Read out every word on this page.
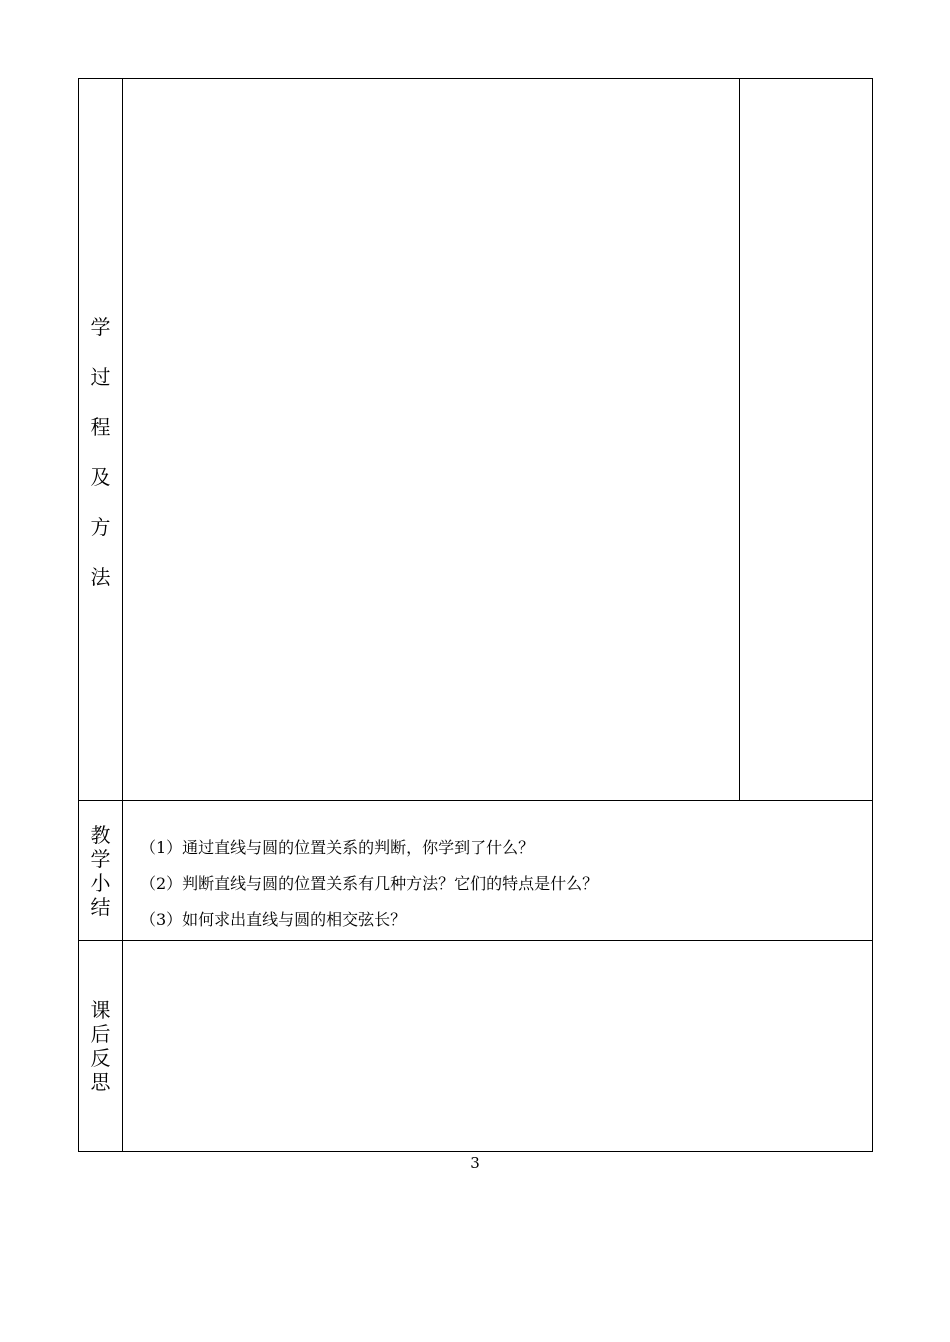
学
过
程
及
方
法
教
学
小
结
（1）通过直线与圆的位置关系的判断，你学到了什么？
（2）判断直线与圆的位置关系有几种方法？它们的特点是什么？
（3）如何求出直线与圆的相交弦长？
课
后
反
思
3
